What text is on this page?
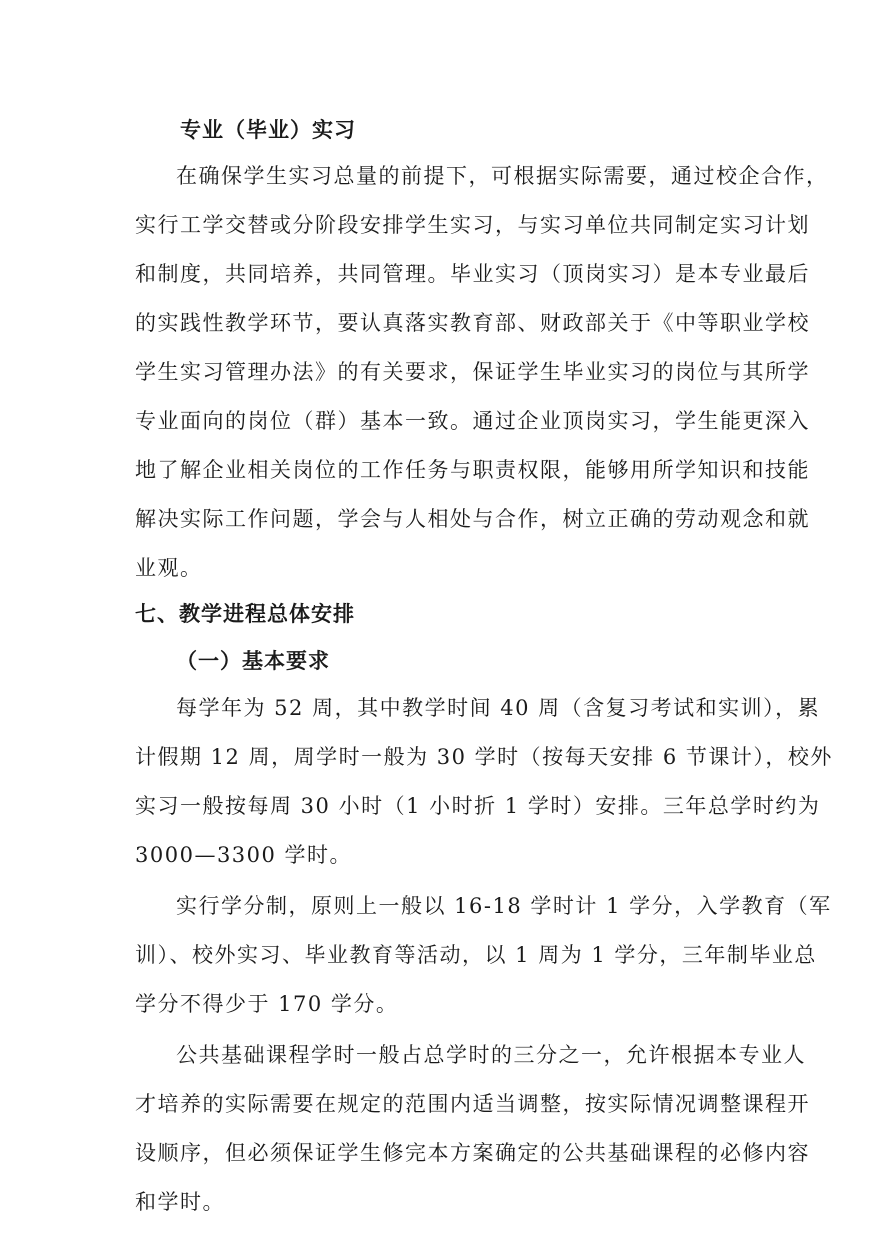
专业（毕业）实习
在确保学生实习总量的前提下，可根据实际需要，通过校企合作，
实行工学交替或分阶段安排学生实习，与实习单位共同制定实习计划
和制度，共同培养，共同管理。毕业实习（顶岗实习）是本专业最后
的实践性教学环节，要认真落实教育部、财政部关于《中等职业学校
学生实习管理办法》的有关要求，保证学生毕业实习的岗位与其所学
专业面向的岗位（群）基本一致。通过企业顶岗实习，学生能更深入
地了解企业相关岗位的工作任务与职责权限，能够用所学知识和技能
解决实际工作问题，学会与人相处与合作，树立正确的劳动观念和就
业观。
七、教学进程总体安排
（一）基本要求
每学年为 52 周，其中教学时间 40 周（含复习考试和实训），累
计假期 12 周，周学时一般为 30 学时（按每天安排 6 节课计），校外
实习一般按每周 30 小时（1 小时折 1 学时）安排。三年总学时约为
3000—3300 学时。
实行学分制，原则上一般以 16-18 学时计 1 学分，入学教育（军
训）、校外实习、毕业教育等活动，以 1 周为 1 学分，三年制毕业总
学分不得少于 170 学分。
公共基础课程学时一般占总学时的三分之一，允许根据本专业人
才培养的实际需要在规定的范围内适当调整，按实际情况调整课程开
设顺序，但必须保证学生修完本方案确定的公共基础课程的必修内容
和学时。
